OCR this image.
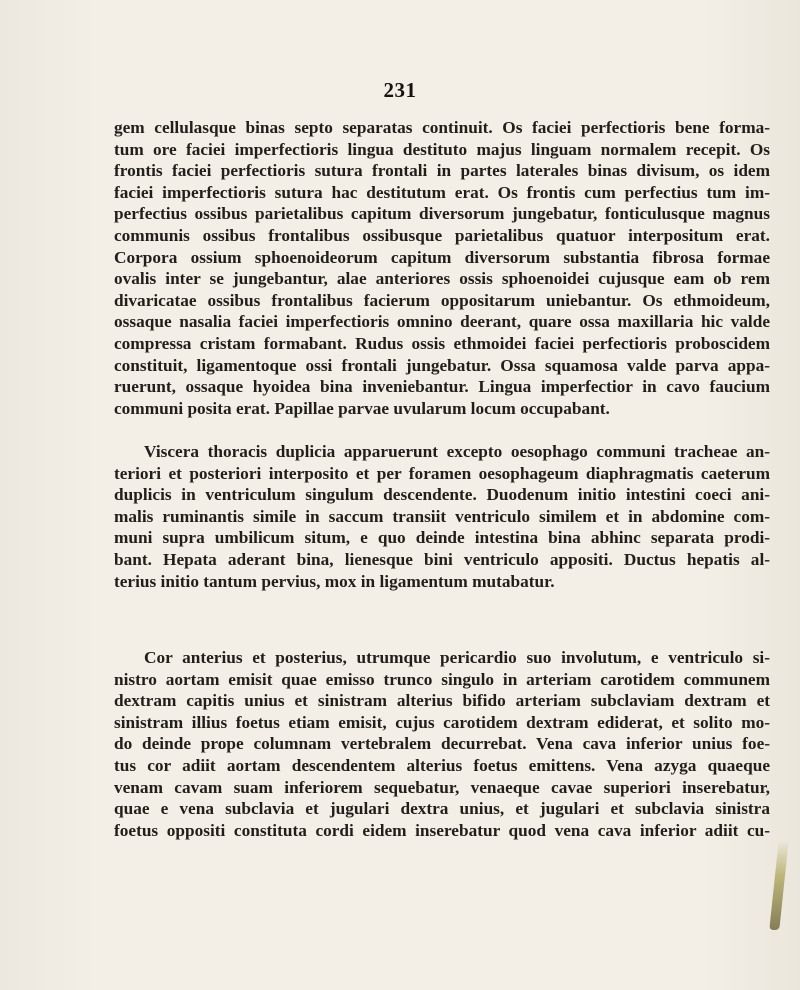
231
gem cellulasque binas septo separatas continuit. Os faciei perfectioris bene forma-
tum ore faciei imperfectioris lingua destituto majus linguam normalem recepit. Os
frontis faciei perfectioris sutura frontali in partes laterales binas divisum, os idem
faciei imperfectioris sutura hac destitutum erat. Os frontis cum perfectius tum im-
perfectius ossibus parietalibus capitum diversorum jungebatur, fonticulusque magnus
communis ossibus frontalibus ossibusque parietalibus quatuor interpositum erat.
Corpora ossium sphoenoideorum capitum diversorum substantia fibrosa formae
ovalis inter se jungebantur, alae anteriores ossis sphoenoidei cujusque eam ob rem
divaricatae ossibus frontalibus facierum oppositarum uniebantur. Os ethmoideum,
ossaque nasalia faciei imperfectioris omnino deerant, quare ossa maxillaria hic valde
compressa cristam formabant. Rudus ossis ethmoidei faciei perfectioris proboscidem
constituit, ligamentoque ossi frontali jungebatur. Ossa squamosa valde parva appa-
ruerunt, ossaque hyoidea bina inveniebantur. Lingua imperfectior in cavo faucium
communi posita erat. Papillae parvae uvularum locum occupabant.
Viscera thoracis duplicia apparuerunt excepto oesophago communi tracheae an-
teriori et posteriori interposito et per foramen oesophageum diaphragmatis caeterum
duplicis in ventriculum singulum descendente. Duodenum initio intestini coeci ani-
malis ruminantis simile in saccum transiit ventriculo similem et in abdomine com-
muni supra umbilicum situm, e quo deinde intestina bina abhinc separata prodi-
bant. Hepata aderant bina, lienesque bini ventriculo appositi. Ductus hepatis al-
terius initio tantum pervius, mox in ligamentum mutabatur.
Cor anterius et posterius, utrumque pericardio suo involutum, e ventriculo si-
nistro aortam emisit quae emisso trunco singulo in arteriam carotidem communem
dextram capitis unius et sinistram alterius bifido arteriam subclaviam dextram et
sinistram illius foetus etiam emisit, cujus carotidem dextram ediderat, et solito mo-
do deinde prope columnam vertebralem decurrebat. Vena cava inferior unius foe-
tus cor adiit aortam descendentem alterius foetus emittens. Vena azyga quaeque
venam cavam suam inferiorem sequebatur, venaeque cavae superiori inserebatur,
quae e vena subclavia et jugulari dextra unius, et jugulari et subclavia sinistra
foetus oppositi constituta cordi eidem inserebatur quod vena cava inferior adiit cu-
